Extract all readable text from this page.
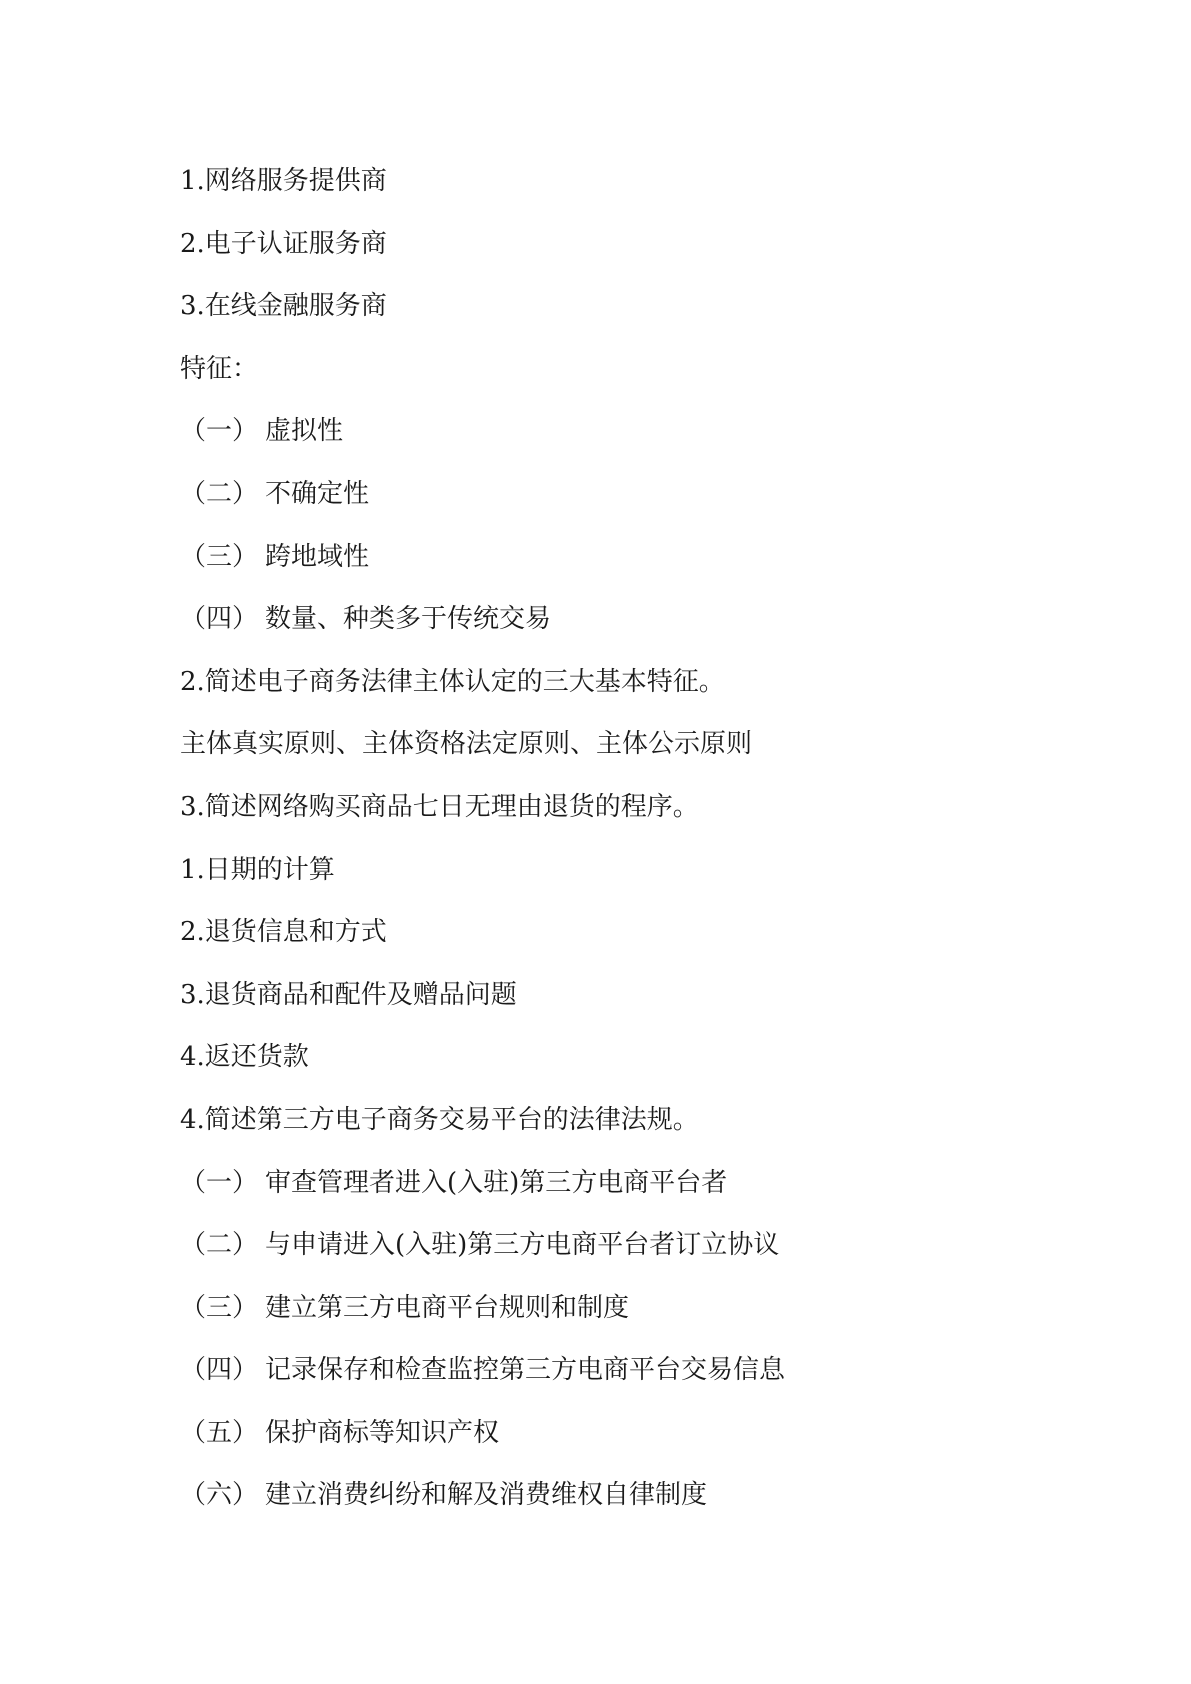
1.网络服务提供商
2.电子认证服务商
3.在线金融服务商
特征：
（一） 虚拟性
（二） 不确定性
（三） 跨地域性
（四） 数量、种类多于传统交易
2.简述电子商务法律主体认定的三大基本特征。
主体真实原则、主体资格法定原则、主体公示原则
3.简述网络购买商品七日无理由退货的程序。
1.日期的计算
2.退货信息和方式
3.退货商品和配件及赠品问题
4.返还货款
4.简述第三方电子商务交易平台的法律法规。
（一） 审查管理者进入(入驻)第三方电商平台者
（二） 与申请进入(入驻)第三方电商平台者订立协议
（三） 建立第三方电商平台规则和制度
（四） 记录保存和检查监控第三方电商平台交易信息
（五） 保护商标等知识产权
（六） 建立消费纠纷和解及消费维权自律制度
